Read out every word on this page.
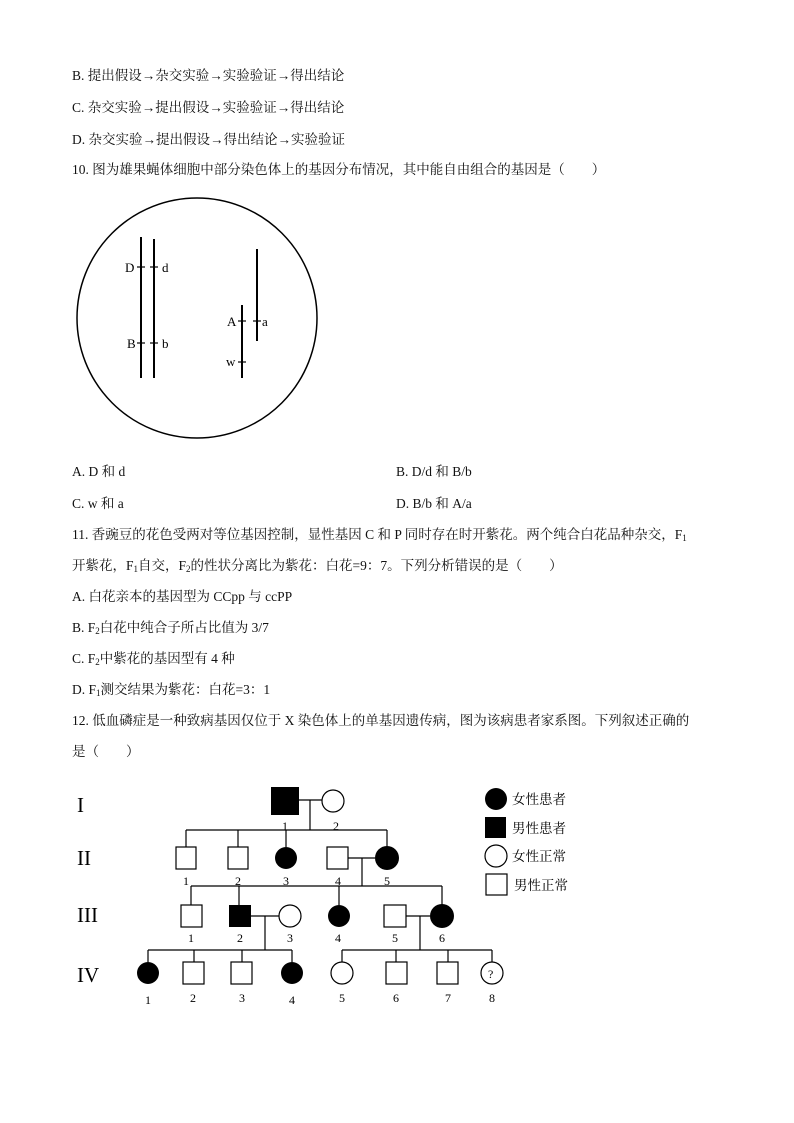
B. 提出假设→杂交实验→实验验证→得出结论
C. 杂交实验→提出假设→实验验证→得出结论
D. 杂交实验→提出假设→得出结论→实验验证
10. 图为雄果蝇体细胞中部分染色体上的基因分布情况，其中能自由组合的基因是（　　）
D d
B b
A a
w
A. D 和 d	B. D/d 和 B/b
C. w 和 a	D. B/b 和 A/a
11. 香豌豆的花色受两对等位基因控制，显性基因 C 和 P 同时存在时开紫花。两个纯合白花品种杂交，$F_1$
开紫花，$F_1$自交，$F_2$的性状分离比为紫花：白花=9：7。下列分析错误的是（　　）
A. 白花亲本的基因型为 CCpp 与 ccPP
B. $F_2$白花中纯合子所占比值为 3/7
C. $F_2$中紫花的基因型有 4 种
D. $F_1$测交结果为紫花：白花=3：1
12. 低血磷症是一种致病基因仅位于 X 染色体上的单基因遗传病，图为该病患者家系图。下列叙述正确的
是（　　）
I
II
III
IV	?
1	2
1	2	3	4	5
1	2	3	4	5	6
1	2	3	4	5	6	7	8
女性患者
男性患者
女性正常
男性正常
